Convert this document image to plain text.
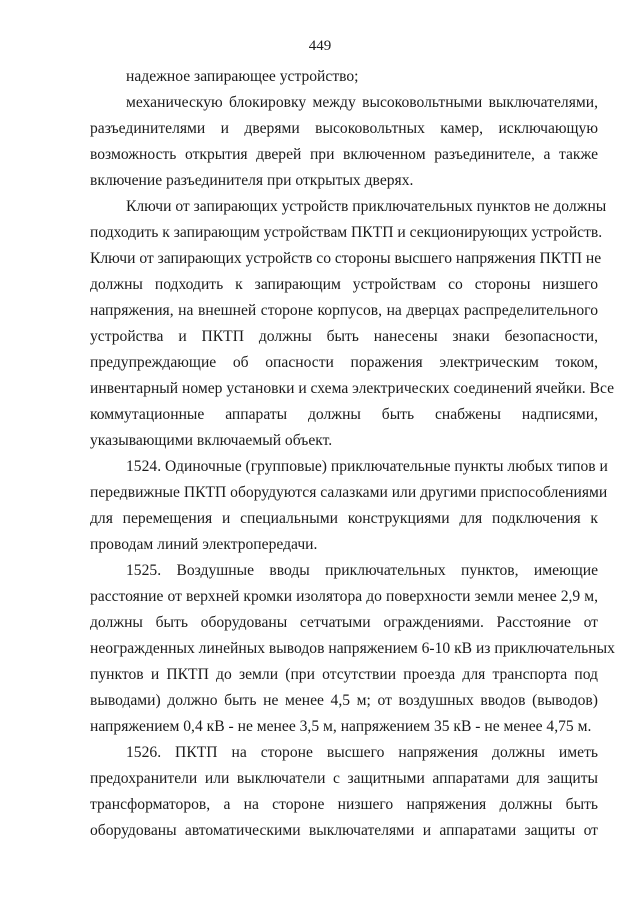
449
надежное запирающее устройство;
механическую блокировку между высоковольтными выключателями,
разъединителями и дверями высоковольтных камер, исключающую
возможность открытия дверей при включенном разъединителе, а также
включение разъединителя при открытых дверях.
Ключи от запирающих устройств приключательных пунктов не должны
подходить к запирающим устройствам ПКТП и секционирующих устройств.
Ключи от запирающих устройств со стороны высшего напряжения ПКТП не
должны подходить к запирающим устройствам со стороны низшего
напряжения, на внешней стороне корпусов, на дверцах распределительного
устройства и ПКТП должны быть нанесены знаки безопасности,
предупреждающие об опасности поражения электрическим током,
инвентарный номер установки и схема электрических соединений ячейки. Все
коммутационные аппараты должны быть снабжены надписями,
указывающими включаемый объект.
1524. Одиночные (групповые) приключательные пункты любых типов и
передвижные ПКТП оборудуются салазками или другими приспособлениями
для перемещения и специальными конструкциями для подключения к
проводам линий электропередачи.
1525. Воздушные вводы приключательных пунктов, имеющие
расстояние от верхней кромки изолятора до поверхности земли менее 2,9 м,
должны быть оборудованы сетчатыми ограждениями. Расстояние от
неогражденных линейных выводов напряжением 6-10 кВ из приключательных
пунктов и ПКТП до земли (при отсутствии проезда для транспорта под
выводами) должно быть не менее 4,5 м; от воздушных вводов (выводов)
напряжением 0,4 кВ - не менее 3,5 м, напряжением 35 кВ - не менее 4,75 м.
1526. ПКТП на стороне высшего напряжения должны иметь
предохранители или выключатели с защитными аппаратами для защиты
трансформаторов, а на стороне низшего напряжения должны быть
оборудованы автоматическими выключателями и аппаратами защиты от
